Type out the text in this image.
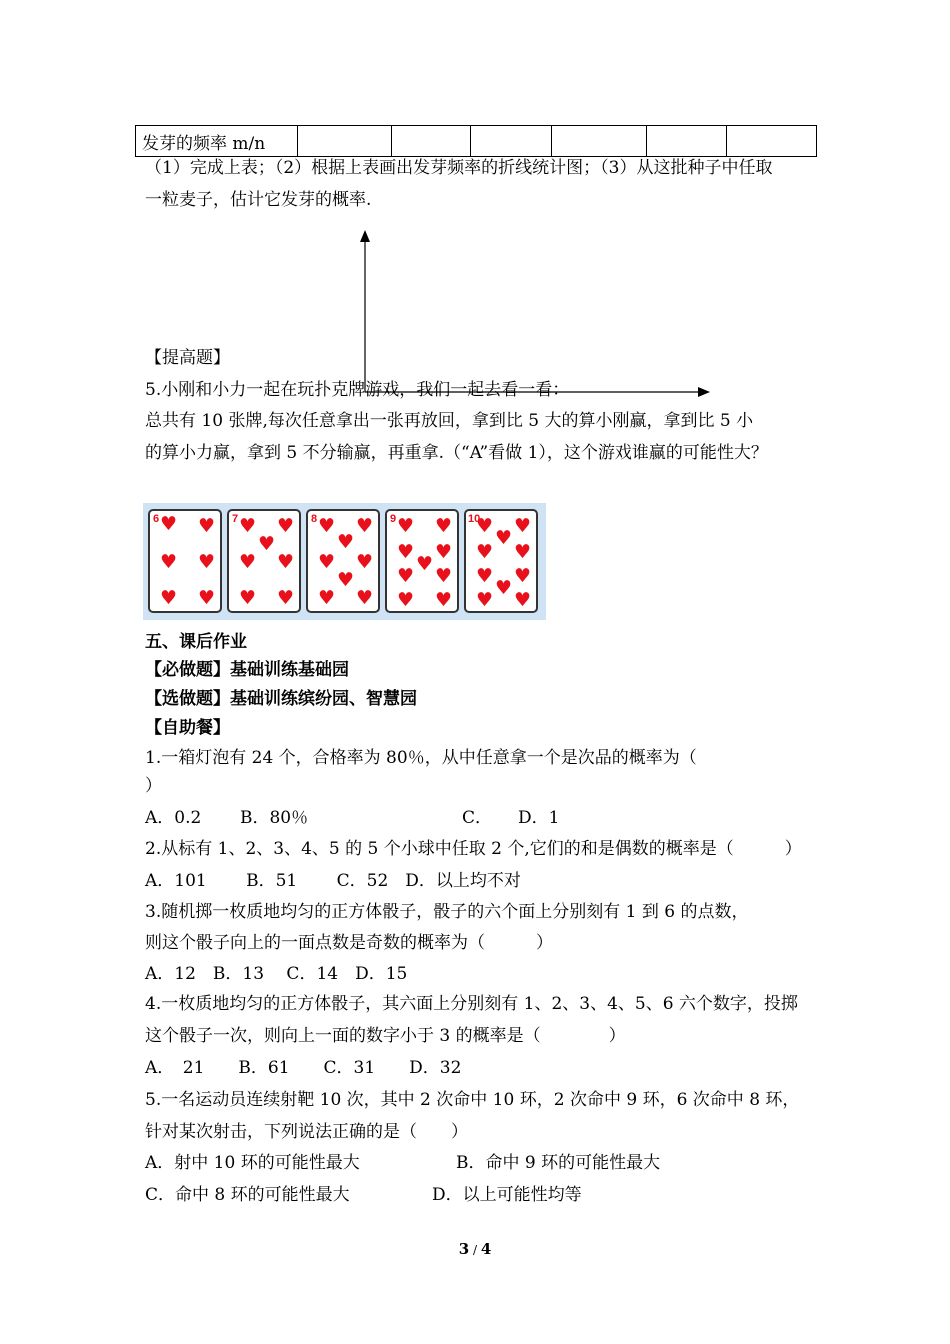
发芽的频率 m/n						
（1）完成上表；（2）根据上表画出发芽频率的折线统计图；（3）从这批种子中任取
一粒麦子，估计它发芽的概率.
【提高题】
5.小刚和小力一起在玩扑克牌游戏，我们一起去看一看：
总共有 10 张牌,每次任意拿出一张再放回，拿到比 5 大的算小刚赢，拿到比 5 小
的算小力赢，拿到 5 不分输赢，再重拿.（“A”看做 1），这个游戏谁赢的可能性大？
6 ♥ ♥
♥ ♥
♥ ♥
7 ♥ ♥
♥
♥ ♥
♥ ♥
8 ♥ ♥
♥
♥ ♥
♥
♥ ♥
9 ♥ ♥
♥ ♥
♥
♥ ♥
♥ ♥
10
♥ ♥
♥
♥ ♥
♥ ♥
♥
♥ ♥
五、课后作业
【必做题】基础训练基础园
【选做题】基础训练缤纷园、智慧园
【自助餐】
1.一箱灯泡有 24 个，合格率为 80％，从中任意拿一个是次品的概率为（
）
A．0.2 B．80％	C． D．1
2.从标有 1、2、3、4、5 的 5 个小球中任取 2 个,它们的和是偶数的概率是（　　　）
A．101　　 B．51　　 C．52　D．以上均不对
3.随机掷一枚质地均匀的正方体骰子，骰子的六个面上分别刻有 1 到 6 的点数，
则这个骰子向上的一面点数是奇数的概率为（　　　）
A．12　B．13　 C．14　D．15
4.一枚质地均匀的正方体骰子，其六面上分别刻有 1、2、3、4、5、6 六个数字，投掷
这个骰子一次，则向上一面的数字小于 3 的概率是（　　　　）
A．　21　　B．61　　C．31　　D．32
5.一名运动员连续射靶 10 次，其中 2 次命中 10 环，2 次命中 9 环，6 次命中 8 环，
针对某次射击，下列说法正确的是（　　）
A．射中 10 环的可能性最大	B．命中 9 环的可能性最大
C．命中 8 环的可能性最大	D．以上可能性均等
3 / 4
